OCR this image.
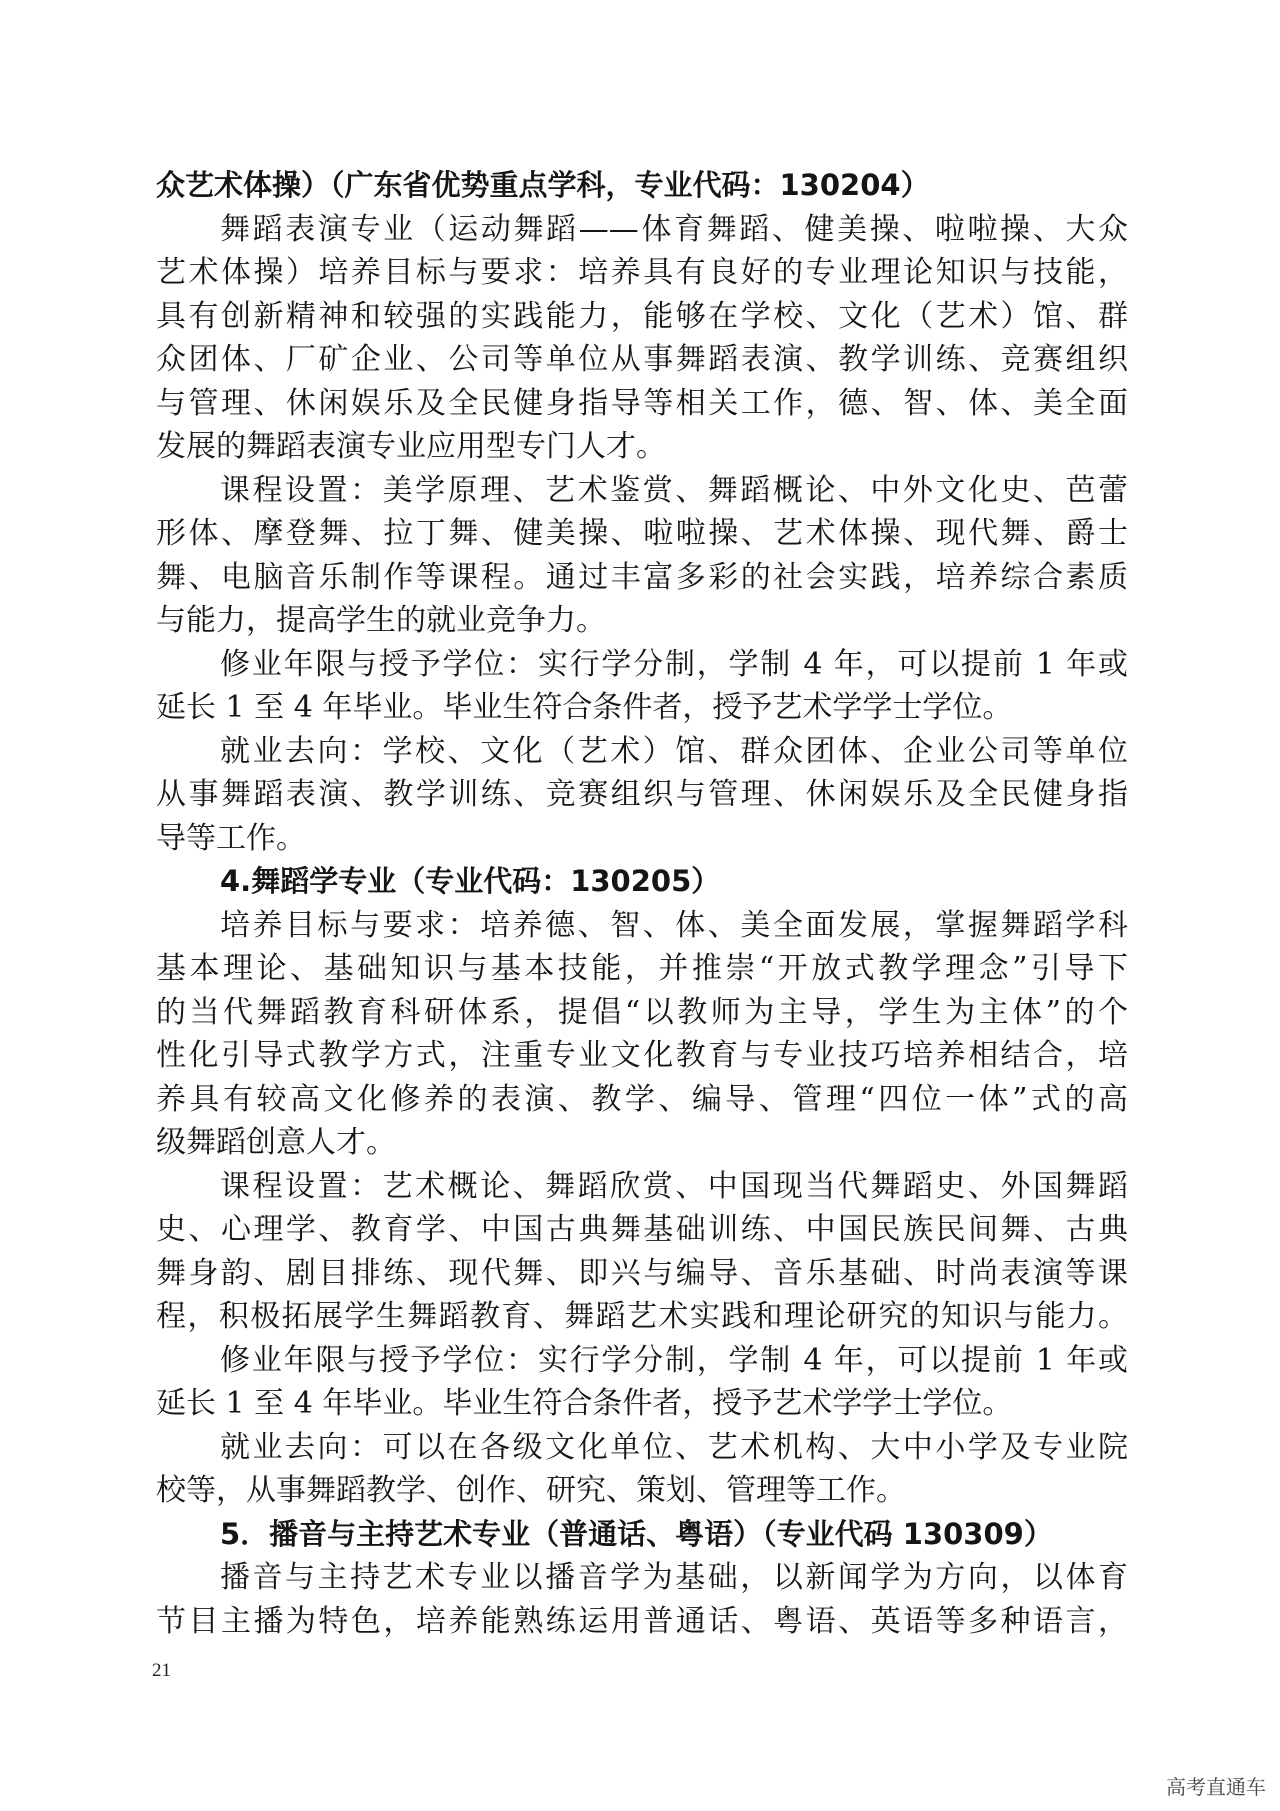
众艺术体操）（广东省优势重点学科，专业代码：130204）
舞蹈表演专业（运动舞蹈——体育舞蹈、健美操、啦啦操、大众
艺术体操）培养目标与要求：培养具有良好的专业理论知识与技能，
具有创新精神和较强的实践能力，能够在学校、文化（艺术）馆、群
众团体、厂矿企业、公司等单位从事舞蹈表演、教学训练、竞赛组织
与管理、休闲娱乐及全民健身指导等相关工作，德、智、体、美全面
发展的舞蹈表演专业应用型专门人才。
课程设置：美学原理、艺术鉴赏、舞蹈概论、中外文化史、芭蕾
形体、摩登舞、拉丁舞、健美操、啦啦操、艺术体操、现代舞、爵士
舞、电脑音乐制作等课程。通过丰富多彩的社会实践，培养综合素质
与能力，提高学生的就业竞争力。
修业年限与授予学位：实行学分制，学制 4 年，可以提前 1 年或
延长 1 至 4 年毕业。毕业生符合条件者，授予艺术学学士学位。
就业去向：学校、文化（艺术）馆、群众团体、企业公司等单位
从事舞蹈表演、教学训练、竞赛组织与管理、休闲娱乐及全民健身指
导等工作。
4.舞蹈学专业（专业代码：130205）
培养目标与要求：培养德、智、体、美全面发展，掌握舞蹈学科
基本理论、基础知识与基本技能，并推崇“开放式教学理念”引导下
的当代舞蹈教育科研体系，提倡“以教师为主导，学生为主体”的个
性化引导式教学方式，注重专业文化教育与专业技巧培养相结合，培
养具有较高文化修养的表演、教学、编导、管理“四位一体”式的高
级舞蹈创意人才。
课程设置：艺术概论、舞蹈欣赏、中国现当代舞蹈史、外国舞蹈
史、心理学、教育学、中国古典舞基础训练、中国民族民间舞、古典
舞身韵、剧目排练、现代舞、即兴与编导、音乐基础、时尚表演等课
程，积极拓展学生舞蹈教育、舞蹈艺术实践和理论研究的知识与能力。
修业年限与授予学位：实行学分制，学制 4 年，可以提前 1 年或
延长 1 至 4 年毕业。毕业生符合条件者，授予艺术学学士学位。
就业去向：可以在各级文化单位、艺术机构、大中小学及专业院
校等，从事舞蹈教学、创作、研究、策划、管理等工作。
5．播音与主持艺术专业（普通话、粤语）（专业代码 130309）
播音与主持艺术专业以播音学为基础，以新闻学为方向，以体育
节目主播为特色，培养能熟练运用普通话、粤语、英语等多种语言，
21
高考直通车
